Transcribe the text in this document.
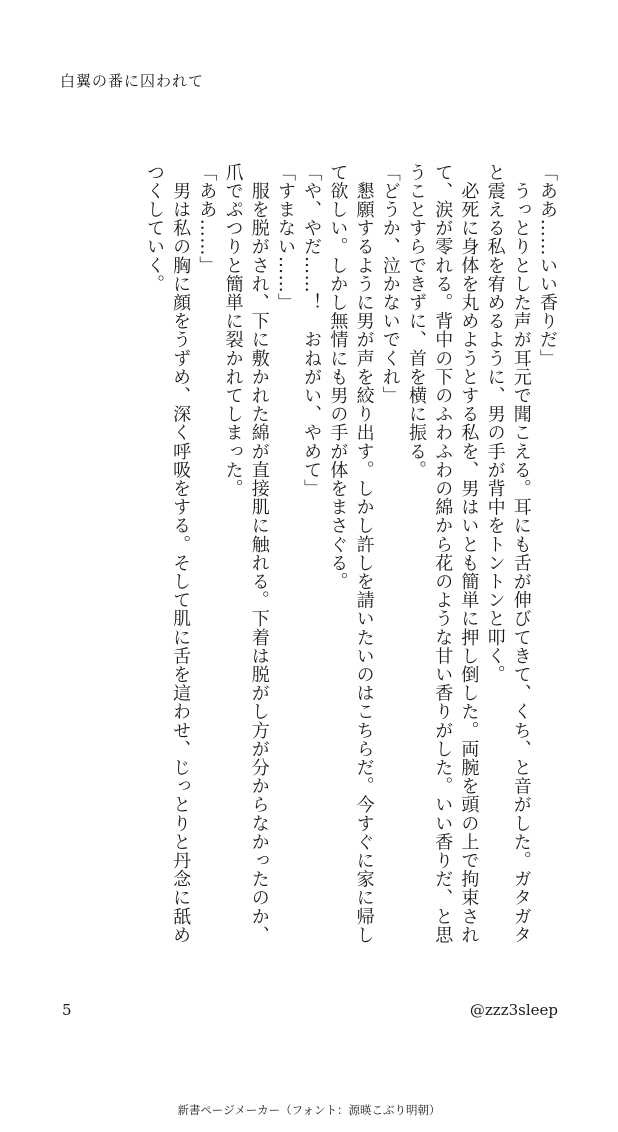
白翼の番に囚われて

「ああ……いい香りだ」

　うっとりとした声が耳元で聞こえる。耳にも舌が伸びてきて、くち、と音がした。ガタガタと震える私を宥めるように、男の手が背中をトントンと叩く。

　必死に身体を丸めようとする私を、男はいとも簡単に押し倒した。両腕を頭の上で拘束されて、涙が零れる。背中の下のふわふわの綿から花のような甘い香りがした。いい香りだ、と思うことすらできずに、首を横に振る。

「どうか、泣かないでくれ」

　懇願するように男が声を絞り出す。しかし許しを請いたいのはこちらだ。今すぐに家に帰して欲しい。しかし無情にも男の手が体をまさぐる。

「や、やだ……！　おねがい、やめて」

「すまない……」

　服を脱がされ、下に敷かれた綿が直接肌に触れる。下着は脱がし方が分からなかったのか、爪でぷつりと簡単に裂かれてしまった。

「ああ……」

　男は私の胸に顔をうずめ、深く呼吸をする。そして肌に舌を這わせ、じっとりと丹念に舐めつくしていく。

5	@zzz3sleep
新書ページメーカー（フォント：源暎こぶり明朝）
